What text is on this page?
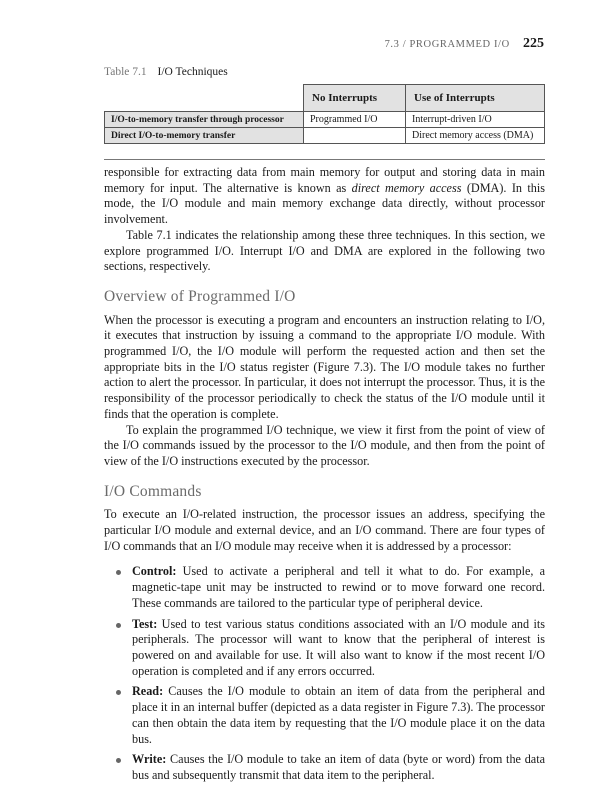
7.3 / PROGRAMMED I/O 225
Table 7.1 I/O Techniques
	No Interrupts	Use of Interrupts
I/O-to-memory transfer through processor	Programmed I/O	Interrupt-driven I/O
Direct I/O-to-memory transfer		Direct memory access (DMA)

responsible for extracting data from main memory for output and storing data in main memory for input. The alternative is known as direct memory access (DMA). In this mode, the I/O module and main memory exchange data directly, without processor involvement.

Table 7.1 indicates the relationship among these three techniques. In this section, we explore programmed I/O. Interrupt I/O and DMA are explored in the following two sections, respectively.

Overview of Programmed I/O

When the processor is executing a program and encounters an instruction relating to I/O, it executes that instruction by issuing a command to the appropriate I/O module. With programmed I/O, the I/O module will perform the requested action and then set the appropriate bits in the I/O status register (Figure 7.3). The I/O module takes no further action to alert the processor. In particular, it does not interrupt the processor. Thus, it is the responsibility of the processor periodically to check the status of the I/O module until it finds that the operation is complete.

To explain the programmed I/O technique, we view it first from the point of view of the I/O commands issued by the processor to the I/O module, and then from the point of view of the I/O instructions executed by the processor.

I/O Commands

To execute an I/O-related instruction, the processor issues an address, specifying the particular I/O module and external device, and an I/O command. There are four types of I/O commands that an I/O module may receive when it is addressed by a processor:

Control: Used to activate a peripheral and tell it what to do. For example, a magnetic-tape unit may be instructed to rewind or to move forward one record. These commands are tailored to the particular type of peripheral device.
Test: Used to test various status conditions associated with an I/O module and its peripherals. The processor will want to know that the peripheral of interest is powered on and available for use. It will also want to know if the most recent I/O operation is completed and if any errors occurred.
Read: Causes the I/O module to obtain an item of data from the peripheral and place it in an internal buffer (depicted as a data register in Figure 7.3). The processor can then obtain the data item by requesting that the I/O module place it on the data bus.
Write: Causes the I/O module to take an item of data (byte or word) from the data bus and subsequently transmit that data item to the peripheral.
